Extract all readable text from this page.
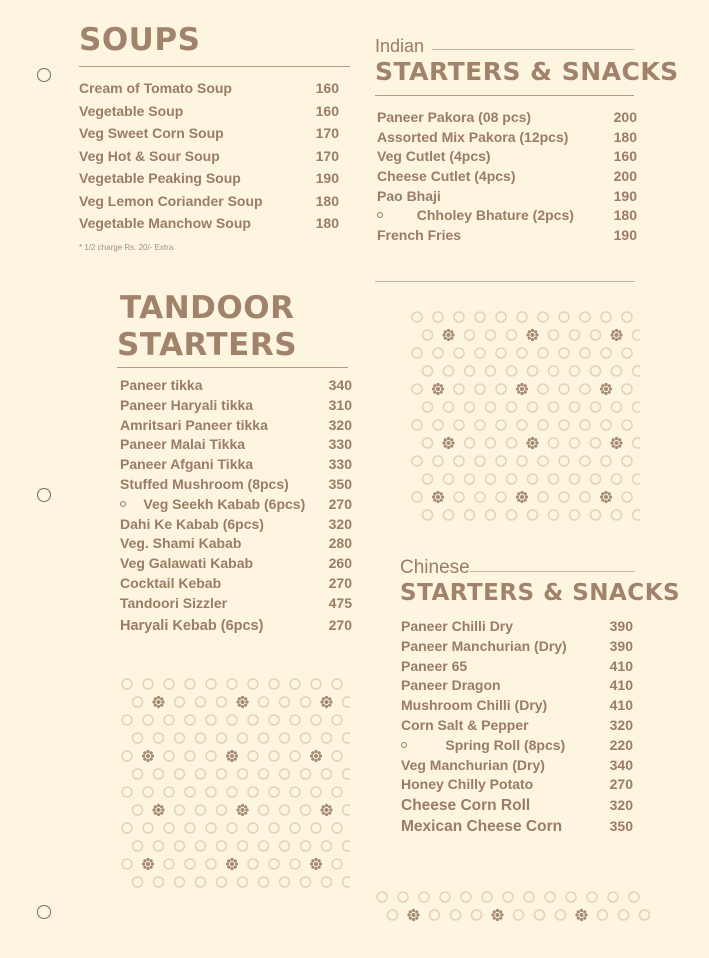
SOUPS
Cream of Tomato Soup	160
Vegetable Soup	160
Veg Sweet Corn Soup	170
Veg Hot & Sour Soup	170
Vegetable Peaking Soup	190
Veg Lemon Coriander Soup	180
Vegetable Manchow Soup	180
* 1/2 charge Rs. 20/- Extra
Indian
STARTERS & SNACKS
Paneer Pakora (08 pcs)	200
Assorted Mix Pakora (12pcs)	180
Veg Cutlet (4pcs)	160
Cheese Cutlet (4pcs)	200
Pao Bhaji	190
Chholey Bhature (2pcs)	180
French Fries	190
TANDOOR
STARTERS
Paneer tikka	340
Paneer Haryali tikka	310
Amritsari Paneer tikka	320
Paneer Malai Tikka	330
Paneer Afgani Tikka	330
Stuffed Mushroom (8pcs)	350
Veg Seekh Kabab (6pcs) 270
Dahi Ke Kabab (6pcs)	320
Veg. Shami Kabab	280
Veg Galawati Kabab	260
Cocktail Kebab	270
Tandoori Sizzler	475
Haryali Kebab (6pcs)	270
Chinese
STARTERS & SNACKS
Paneer Chilli Dry	390
Paneer Manchurian (Dry)	390
Paneer 65	410
Paneer Dragon	410
Mushroom Chilli (Dry)	410
Corn Salt & Pepper	320
Spring Roll (8pcs)	220
Veg Manchurian (Dry)	340
Honey Chilly Potato	270
Cheese Corn Roll	320
Mexican Cheese Corn	350
